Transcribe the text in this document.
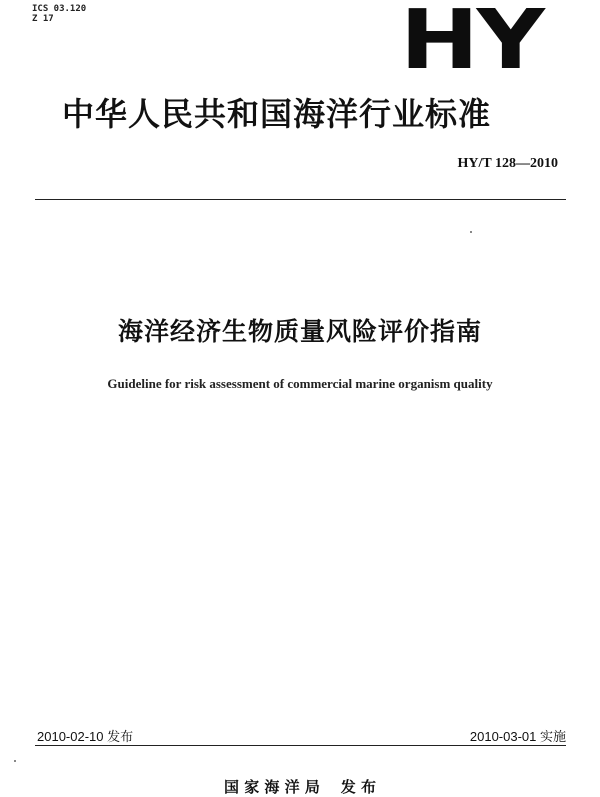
ICS 03.120
Z 17	HY
中华人民共和国海洋行业标准
HY/T 128—2010
海洋经济生物质量风险评价指南
Guideline for risk assessment of commercial marine organism quality
2010-02-10 发布	2010-03-01 实施
国 家 海 洋 局    发 布
